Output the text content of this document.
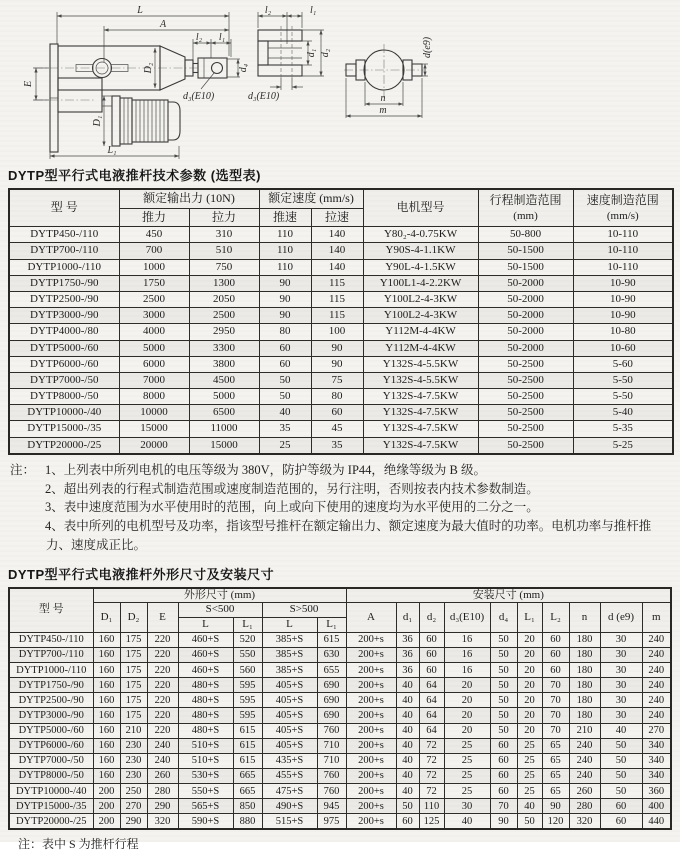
L
A
l₂ l₁
D₂	d₄
d₃(E10)
E
D₁
L₁
l₂	l₁
d₁ d₂
d₃(E10)
d(e9)
n
m
DYTP型平行式电液推杆技术参数 (选型表)
型 号	额定输出力 (10N)		额定速度 (mm/s)		电机型号	行程制造范围
(mm)	速度制造范围
(mm/s)

	推力	拉力	推速	拉速			
DYTP450-/110	450	310	110	140	Y80₂-4-0.75KW	50-800	10-110
DYTP700-/110	700	510	110	140	Y90S-4-1.1KW	50-1500	10-110
DYTP1000-/110	1000	750	110	140	Y90L-4-1.5KW	50-1500	10-110
DYTP1750-/90	1750	1300	90	115	Y100L1-4-2.2KW	50-2000	10-90
DYTP2500-/90	2500	2050	90	115	Y100L2-4-3KW	50-2000	10-90
DYTP3000-/90	3000	2500	90	115	Y100L2-4-3KW	50-2000	10-90
DYTP4000-/80	4000	2950	80	100	Y112M-4-4KW	50-2000	10-80
DYTP5000-/60	5000	3300	60	90	Y112M-4-4KW	50-2000	10-60
DYTP6000-/60	6000	3800	60	90	Y132S-4-5.5KW	50-2500	5-60
DYTP7000-/50	7000	4500	50	75	Y132S-4-5.5KW	50-2500	5-50
DYTP8000-/50	8000	5000	50	80	Y132S-4-7.5KW	50-2500	5-50
DYTP10000-/40	10000	6500	40	60	Y132S-4-7.5KW	50-2500	5-40
DYTP15000-/35	15000	11000	35	45	Y132S-4-7.5KW	50-2500	5-35
DYTP20000-/25	20000	15000	25	35	Y132S-4-7.5KW	50-2500	5-25
注： 1、上列表中所列电机的电压等级为 380V，防护等级为 IP44，绝缘等级为 B 级。
2、超出列表的行程式制造范围或速度制造范围的，另行注明，否则按表内技术参数制造。
3、表中速度范围为水平使用时的范围，向上或向下使用的速度均为水平使用的二分之一。
4、表中所列的电机型号及功率，指该型号推杆在额定输出力、额定速度为最大值时的功率。电机功率与推杆推力、速度成正比。
DYTP型平行式电液推杆外形尺寸及安装尺寸
型 号	外形尺寸 (mm)							安装尺寸 (mm)									
	D₁	D₂	E	S<500		S>500		A	d₁	d₂	d₃(E10)	d₄	L₁	L₂	n	d (e9)	m
				L	L₁	L	L₁										
DYTP450-/110	160	175	220	460+S	520	385+S	615	200+s	36	60	16	50	20	60	180	30	240
DYTP700-/110	160	175	220	460+S	550	385+S	630	200+s	36	60	16	50	20	60	180	30	240
DYTP1000-/110	160	175	220	460+S	560	385+S	655	200+s	36	60	16	50	20	60	180	30	240
DYTP1750-/90	160	175	220	480+S	595	405+S	690	200+s	40	64	20	50	20	70	180	30	240
DYTP2500-/90	160	175	220	480+S	595	405+S	690	200+s	40	64	20	50	20	70	180	30	240
DYTP3000-/90	160	175	220	480+S	595	405+S	690	200+s	40	64	20	50	20	70	180	30	240
DYTP5000-/60	160	210	220	480+S	615	405+S	760	200+s	40	64	20	50	20	70	210	40	270
DYTP6000-/60	160	230	240	510+S	615	405+S	710	200+s	40	72	25	60	25	65	240	50	340
DYTP7000-/50	160	230	240	510+S	615	435+S	710	200+s	40	72	25	60	25	65	240	50	340
DYTP8000-/50	160	230	260	530+S	665	455+S	760	200+s	40	72	25	60	25	65	240	50	340
DYTP10000-/40	200	250	280	550+S	665	475+S	760	200+s	40	72	25	60	25	65	260	50	360
DYTP15000-/35	200	270	290	565+S	850	490+S	945	200+s	50	110	30	70	40	90	280	60	400
DYTP20000-/25	200	290	320	590+S	880	515+S	975	200+s	60	125	40	90	50	120	320	60	440
注：表中 S 为推杆行程
